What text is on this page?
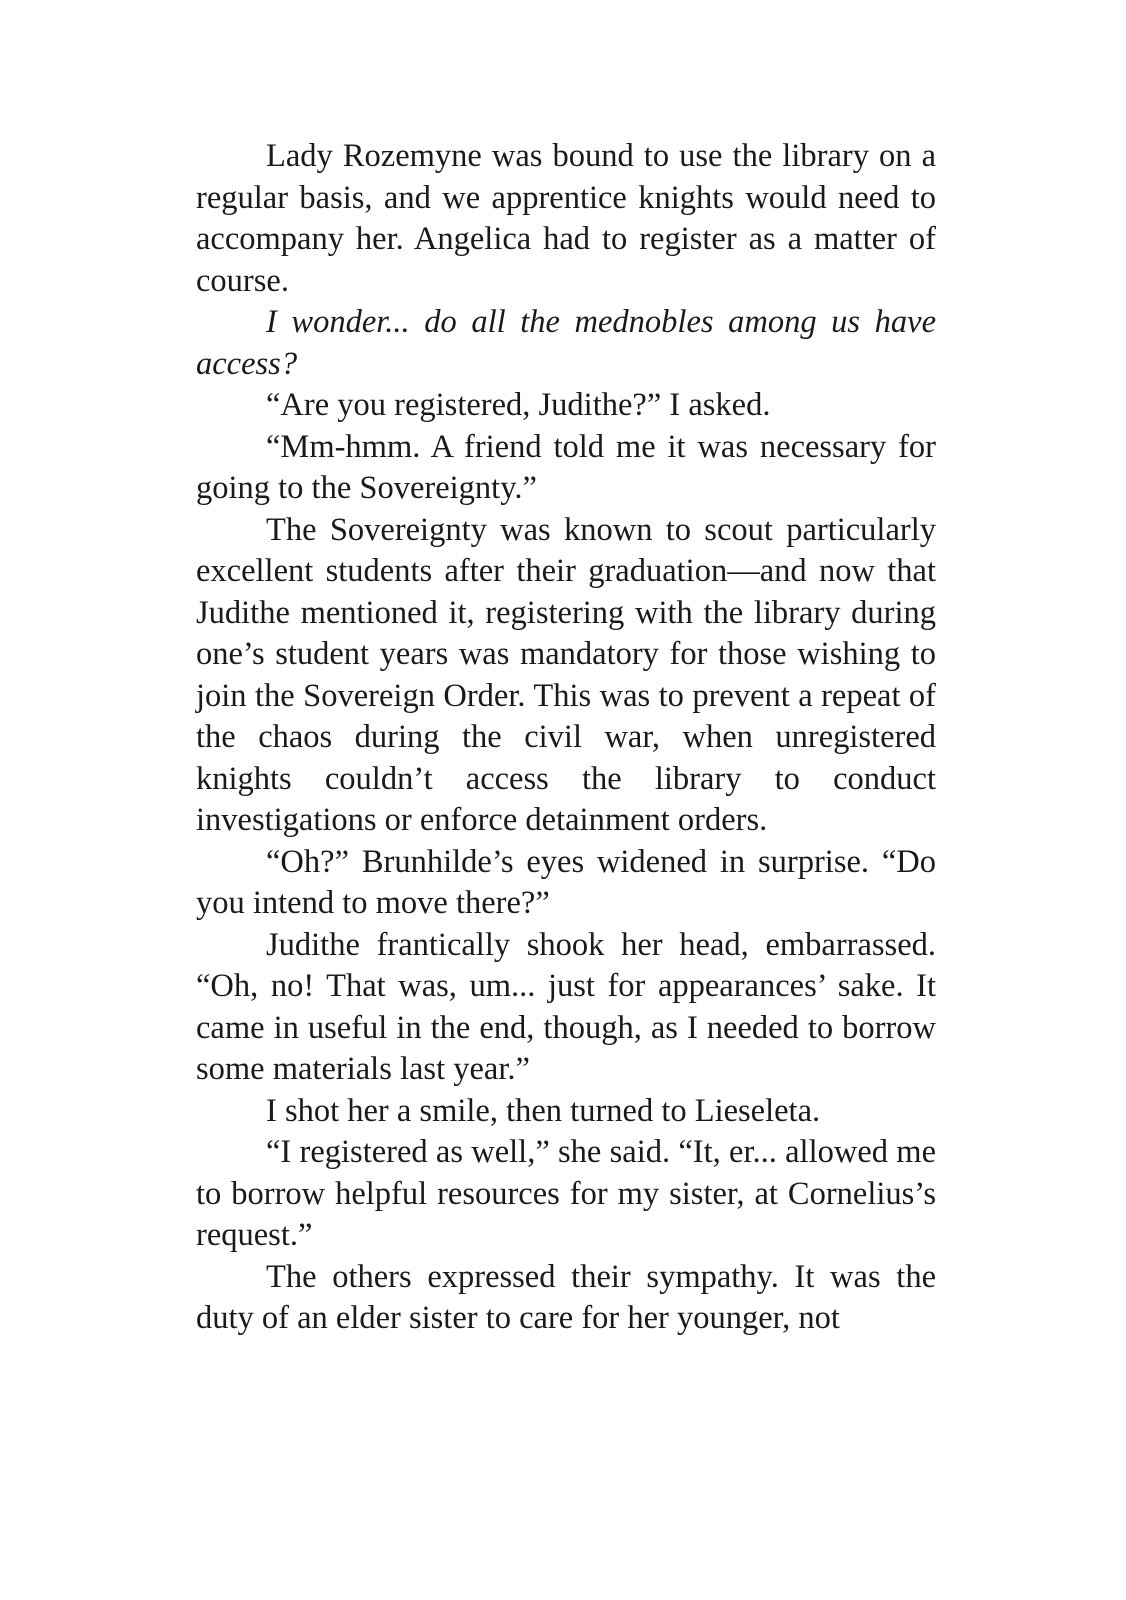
Lady Rozemyne was bound to use the library on a regular basis, and we apprentice knights would need to accompany her. Angelica had to register as a matter of course.

I wonder... do all the mednobles among us have access?

“Are you registered, Judithe?” I asked.

“Mm-hmm. A friend told me it was necessary for going to the Sovereignty.”

The Sovereignty was known to scout particularly excellent students after their graduation—and now that Judithe mentioned it, registering with the library during one’s student years was mandatory for those wishing to join the Sovereign Order. This was to prevent a repeat of the chaos during the civil war, when unregistered knights couldn’t access the library to conduct investigations or enforce detainment orders.

“Oh?” Brunhilde’s eyes widened in surprise. “Do you intend to move there?”

Judithe frantically shook her head, embarrassed. “Oh, no! That was, um... just for appearances’ sake. It came in useful in the end, though, as I needed to borrow some materials last year.”

I shot her a smile, then turned to Lieseleta.

“I registered as well,” she said. “It, er... allowed me to borrow helpful resources for my sister, at Cornelius’s request.”

The others expressed their sympathy. It was the duty of an elder sister to care for her younger, not
